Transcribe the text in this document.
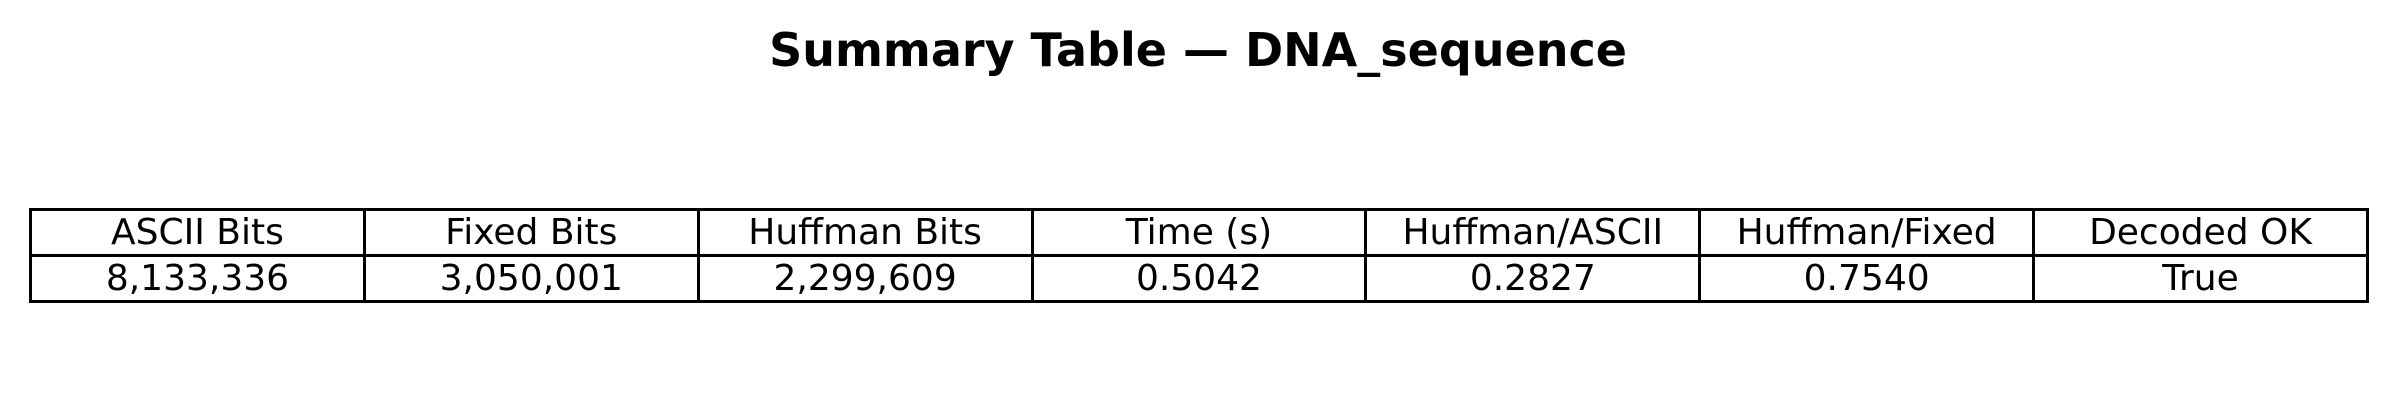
Summary Table — DNA_sequence
ASCII Bits	Fixed Bits	Huffman Bits	Time (s)	Huffman/ASCII	Huffman/Fixed	Decoded OK
8,133,336	3,050,001	2,299,609	0.5042	0.2827	0.7540	True
